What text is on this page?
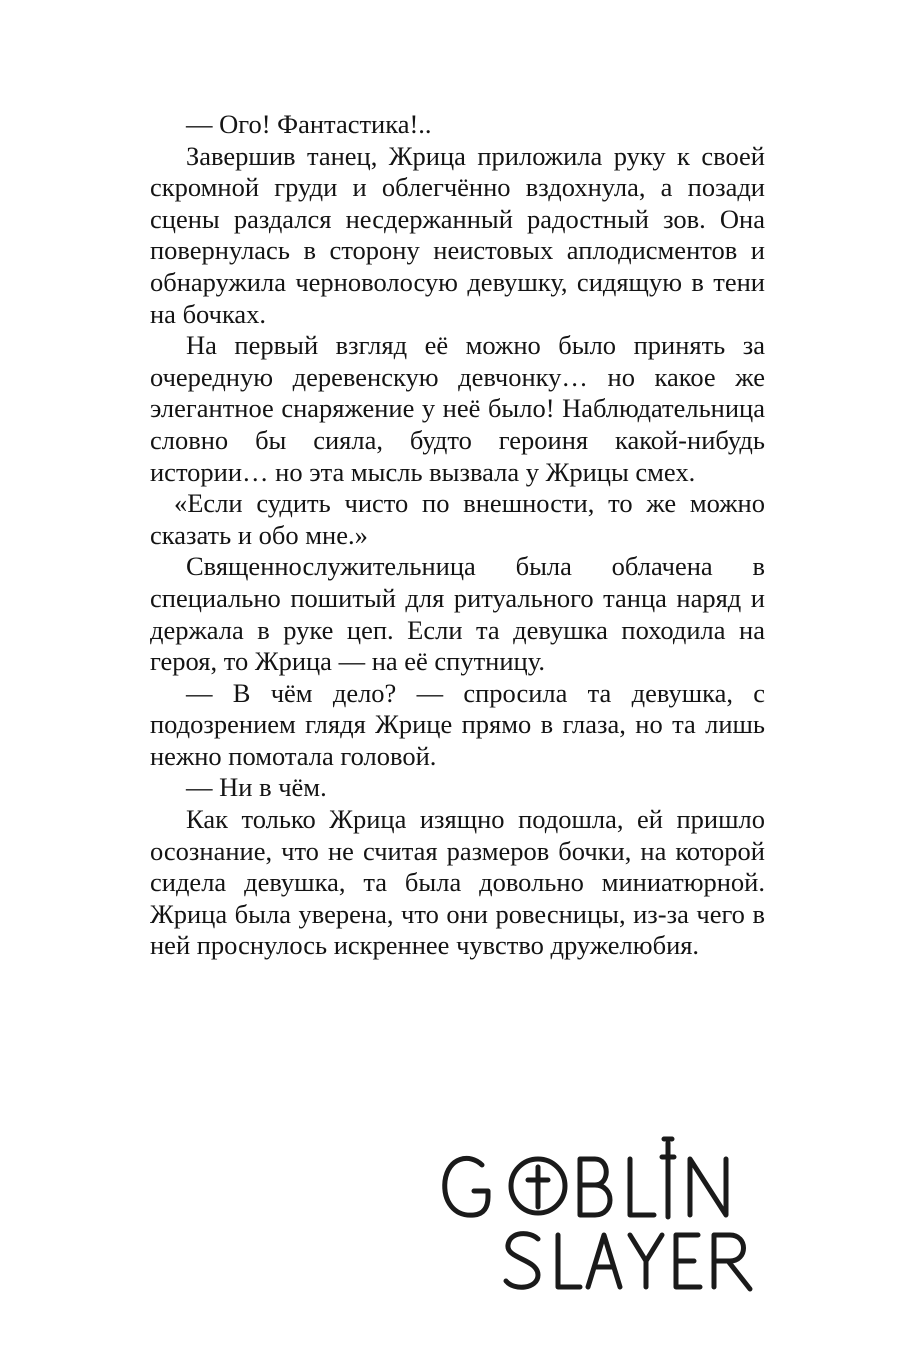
— Ого! Фантастика!..

Завершив танец, Жрица приложила руку к своей скромной груди и облегчённо вздохнула, а позади сцены раздался несдержанный радостный зов. Она повернулась в сторону неистовых аплодисментов и обнаружила черноволосую девушку, сидящую в тени на бочках.

На первый взгляд её можно было принять за очередную деревенскую девчонку… но какое же элегантное снаряжение у неё было! Наблюдательница словно бы сияла, будто героиня какой-нибудь истории… но эта мысль вызвала у Жрицы смех.

«Если судить чисто по внешности, то же можно сказать и обо мне.»

Священнослужительница была облачена в специально пошитый для ритуального танца наряд и держала в руке цеп. Если та девушка походила на героя, то Жрица — на её спутницу.

— В чём дело? — спросила та девушка, с подозрением глядя Жрице прямо в глаза, но та лишь нежно помотала головой.

— Ни в чём.

Как только Жрица изящно подошла, ей пришло осознание, что не считая размеров бочки, на которой сидела девушка, та была довольно миниатюрной. Жрица была уверена, что они ровесницы, из-за чего в ней проснулось искреннее чувство дружелюбия.
